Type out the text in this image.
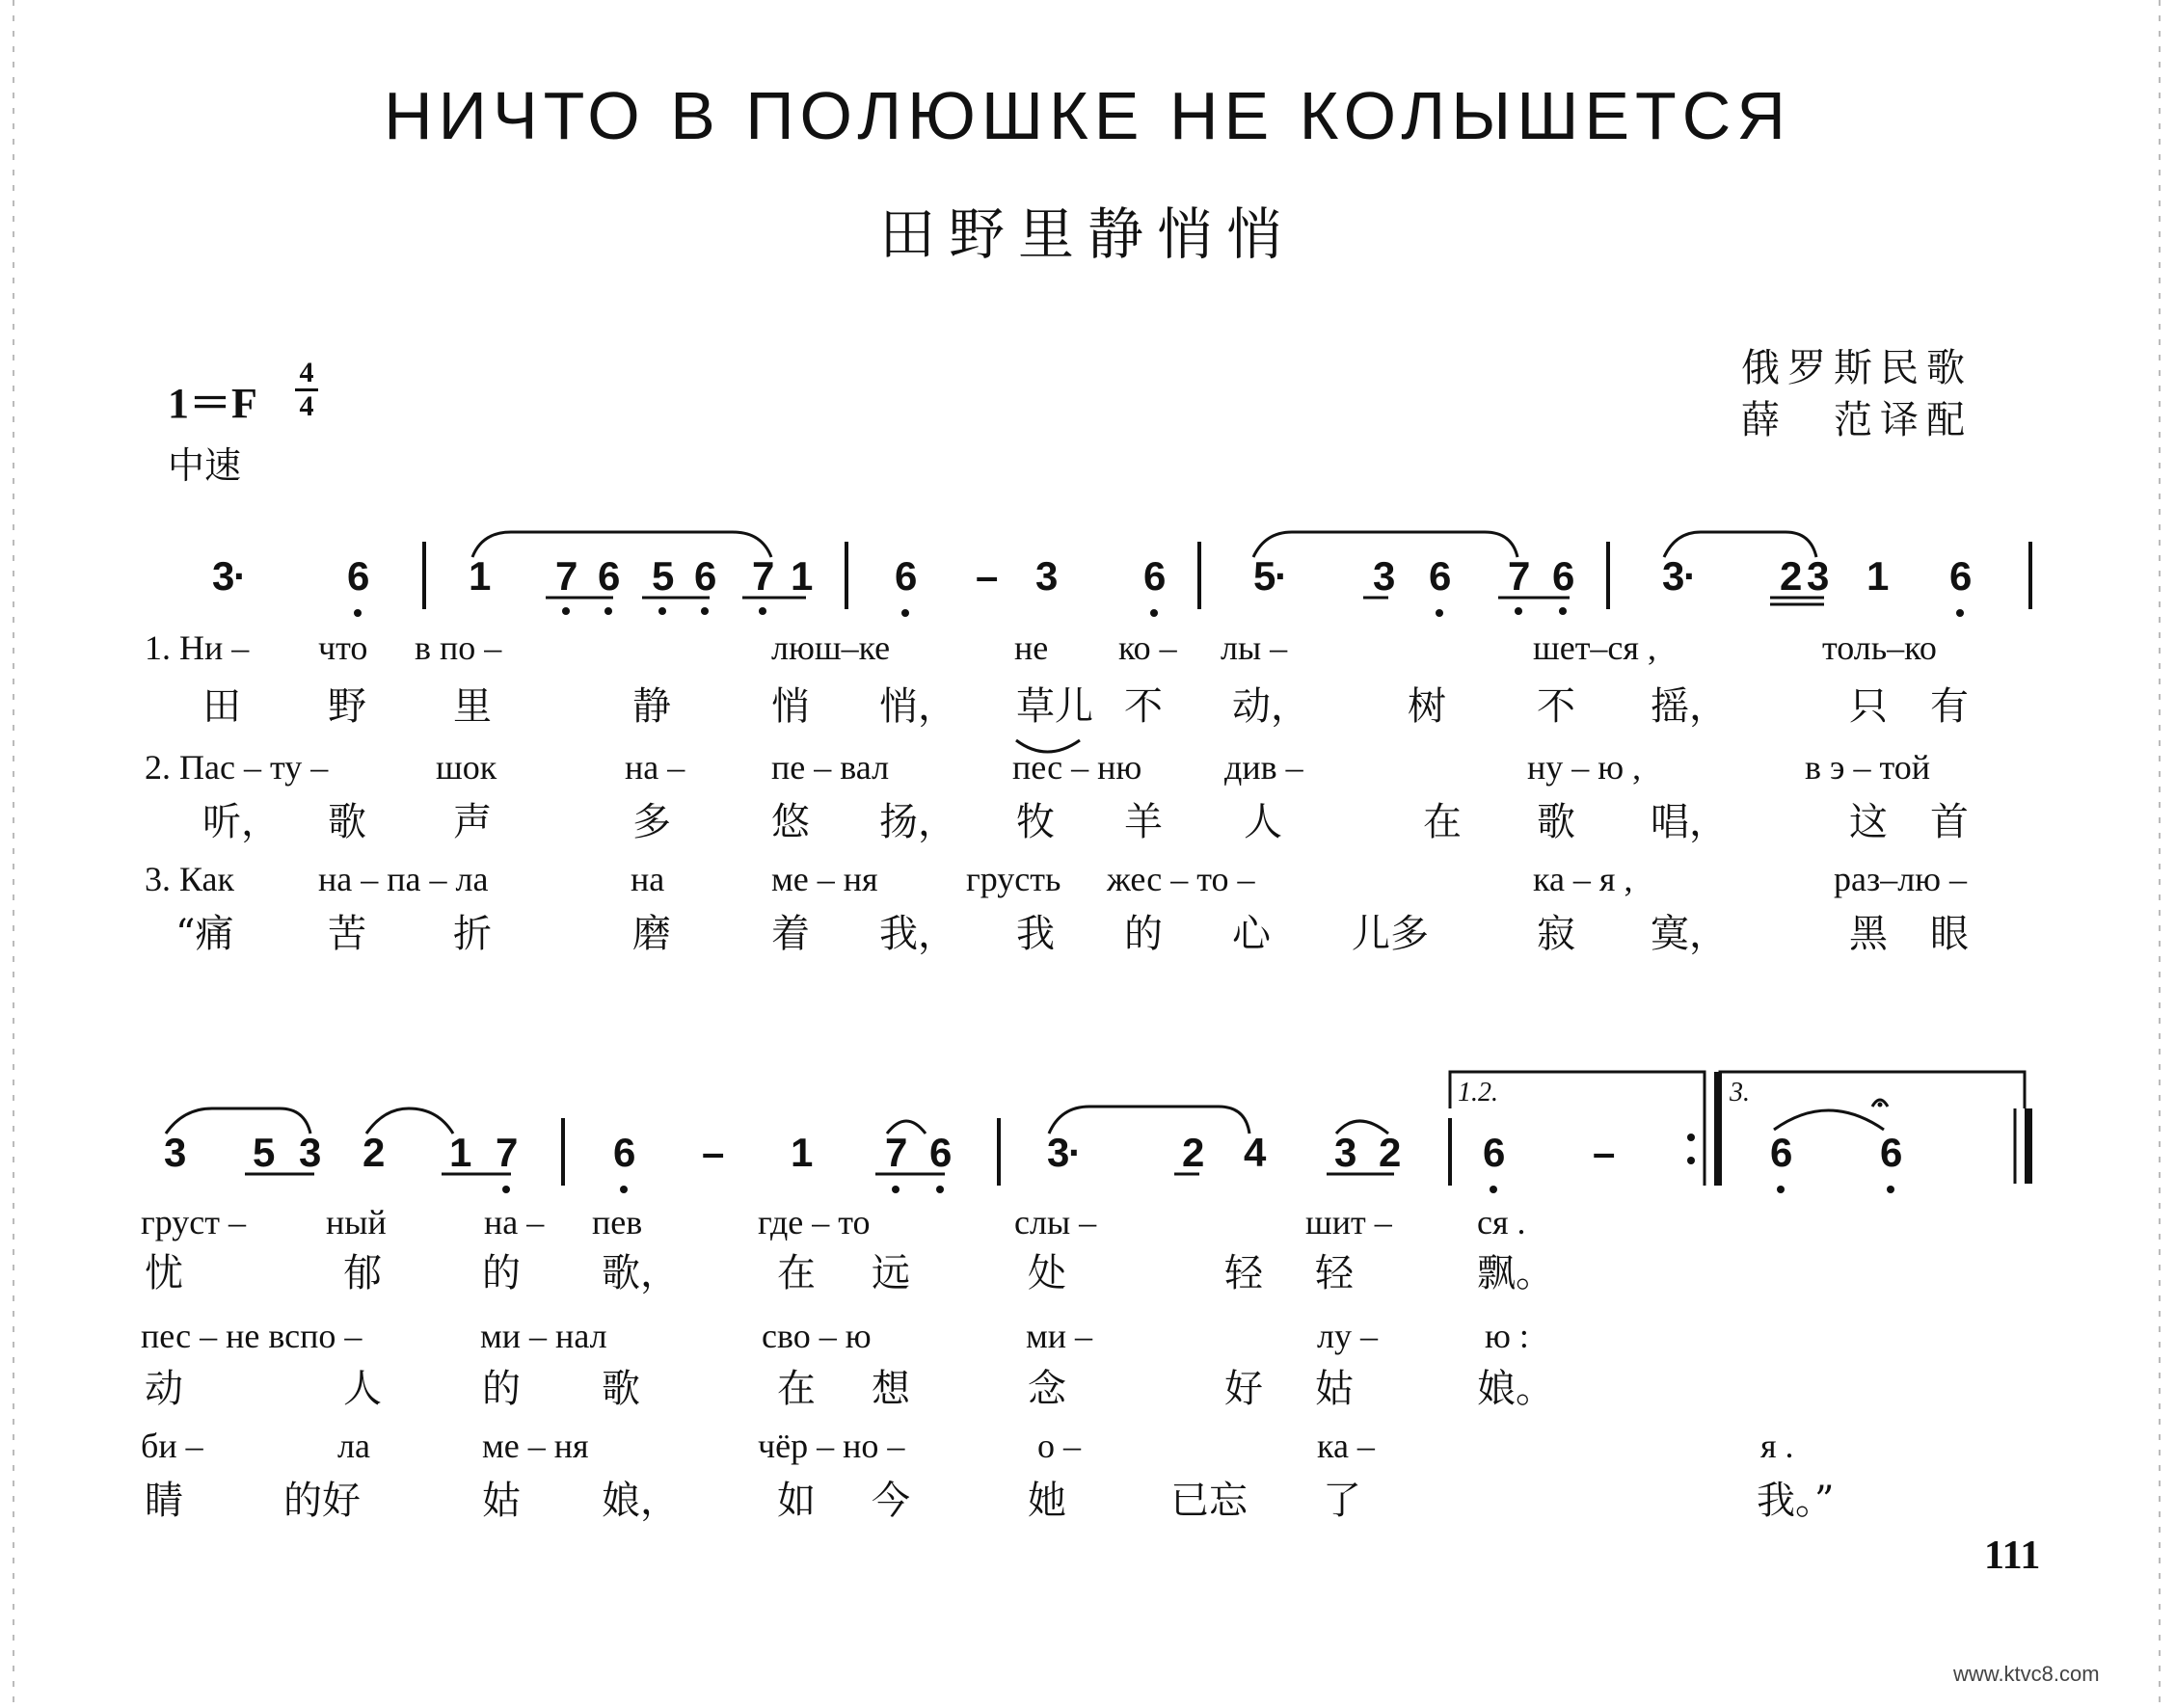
НИЧТО В ПОЛЮШКЕ НЕ КОЛЫШЕТСЯ
田野里静悄悄
俄罗斯民歌
薛　范译配
1＝F
4
4
中速
111
www.ktvc8.com
3
· 6 1 7 6 5 6 7 1 6 – 3 6 5
· 3 6 7 6 3
· 2 3 1 6
1. Ни – что в по –	люш–ке	не ко – лы –	шет–ся ,	толь–ко
田 野 里	静	悄 悄， 草儿 不 动，	树 不 摇，	只 有
2. Пас – ту –	шок	на – пе – вал	пес – ню див –	ну – ю ,	в э – той
听， 歌 声	多	悠 扬， 牧 羊 人	在 歌 唱，	这 首
3. Как на – па – ла	на	ме – ня	грусть жес – то –	ка – я ,	раз–лю –
“痛 苦 折	磨	着 我， 我 的 心 儿多	寂 寞，	黑 眼
3 5 3 2 1 7 6 – 1 7 6 3
· 2 4 3 2 6 –	6 6
груст – ный	на – пев	где – то	слы –	шит – ся .
忧	郁	的 歌，	在 远	处	轻 轻	飘。
пес – не вспо –	ми – нал	сво – ю	ми –	лу –	ю :
动	人	的 歌	在 想	念	好 姑	娘。
би –	ла	ме – ня	чёр – но –	о –	ка –	я .
睛	的好	姑 娘，	如 今	她	已忘 了	我。”
1.2.	3.
